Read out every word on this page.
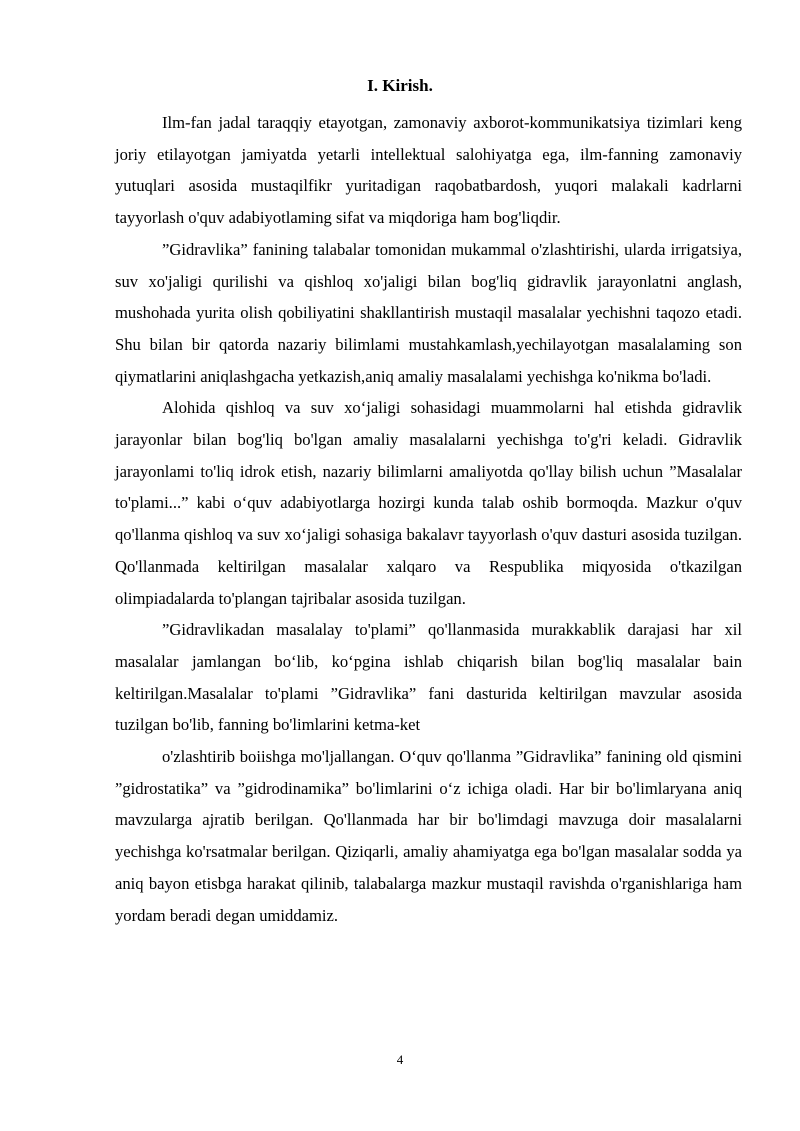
I. Kirish.

Ilm-fan jadal taraqqiy etayotgan, zamonaviy axborot-kommunikatsiya tizimlari keng joriy etilayotgan jamiyatda yetarli intellektual salohiyatga ega, ilm-fanning zamonaviy yutuqlari asosida mustaqilfikr yuritadigan raqobatbardosh, yuqori malakali kadrlarni tayyorlash o'quv adabiyotlaming sifat va miqdoriga ham bog'liqdir.

”Gidravlika” fanining talabalar tomonidan mukammal o'zlashtirishi, ularda irrigatsiya, suv xo'jaligi qurilishi va qishloq xo'jaligi bilan bog'liq gidravlik jarayonlatni anglash, mushohada yurita olish qobiliyatini shakllantirish mustaqil masalalar yechishni taqozo etadi. Shu bilan bir qatorda nazariy bilimlami mustahkamlash,yechilayotgan masalalaming son qiymatlarini aniqlashgacha yetkazish,aniq amaliy masalalami yechishga ko'nikma bo'ladi.

Alohida qishloq va suv xo‘jaligi sohasidagi muammolarni hal etishda gidravlik jarayonlar bilan bog'liq bo'lgan amaliy masalalarni yechishga to'g'ri keladi. Gidravlik jarayonlami to'liq idrok etish, nazariy bilimlarni amaliyotda qo'llay bilish uchun ”Masalalar to'plami...” kabi o‘quv adabiyotlarga hozirgi kunda talab oshib bormoqda. Mazkur o'quv qo'llanma qishloq va suv xo‘jaligi sohasiga bakalavr tayyorlash o'quv dasturi asosida tuzilgan. Qo'llanmada keltirilgan masalalar xalqaro va Respublika miqyosida o'tkazilgan olimpiadalarda to'plangan tajribalar asosida tuzilgan.

”Gidravlikadan masalalay to'plami” qo'llanmasida murakkablik darajasi har xil masalalar jamlangan bo‘lib, ko‘pgina ishlab chiqarish bilan bog'liq masalalar bain keltirilgan.Masalalar to'plami ”Gidravlika” fani dasturida keltirilgan mavzular asosida tuzilgan bo'lib, fanning bo'limlarini ketma-ket

o'zlashtirib boiishga mo'ljallangan. O‘quv qo'llanma ”Gidravlika” fanining old qismini ”gidrostatika” va ”gidrodinamika” bo'limlarini o‘z ichiga oladi. Har bir bo'limlaryana aniq mavzularga ajratib berilgan. Qo'llanmada har bir bo'limdagi mavzuga doir masalalarni yechishga ko'rsatmalar berilgan. Qiziqarli, amaliy ahamiyatga ega bo'lgan masalalar sodda ya aniq bayon etisbga harakat qilinib, talabalarga mazkur mustaqil ravishda o'rganishlariga ham yordam beradi degan umiddamiz.

4
